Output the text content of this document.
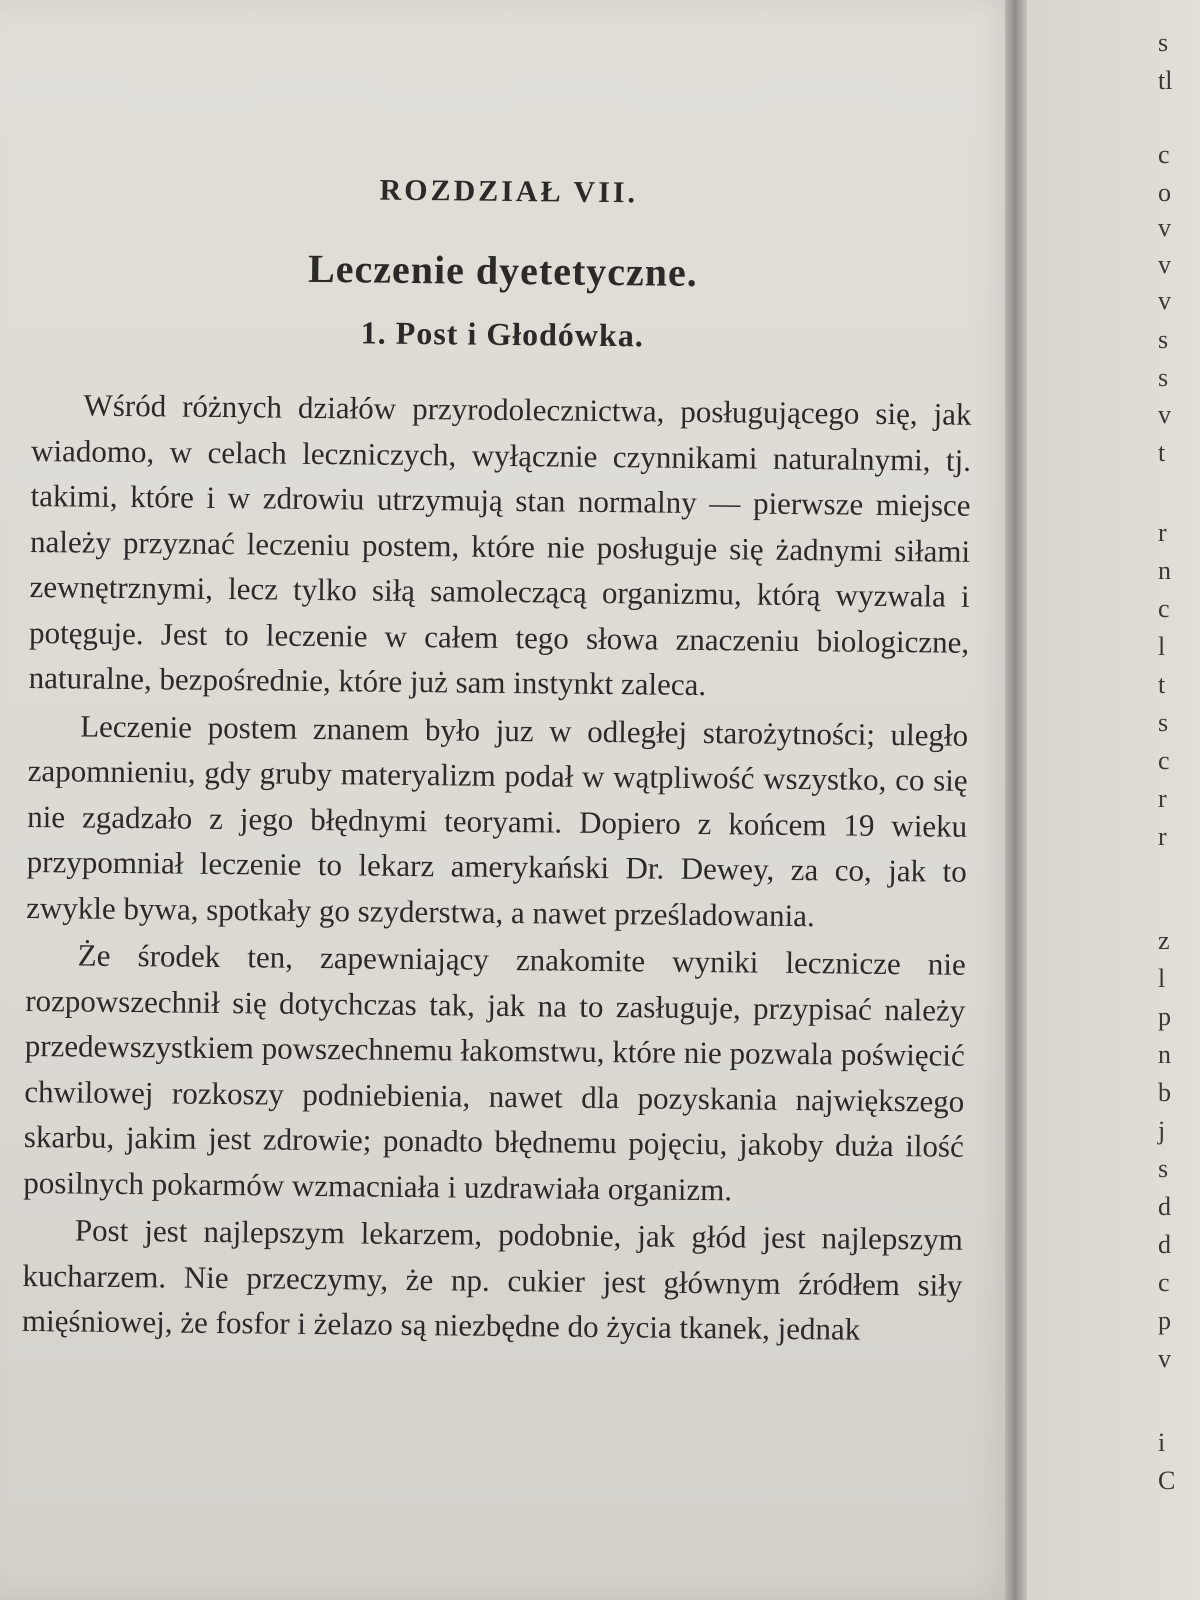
ROZDZIAŁ VII.
Leczenie dyetetyczne.
1. Post i Głodówka.

Wśród różnych działów przyrodolecznictwa, posługującego się, jak wiadomo, w celach leczniczych, wyłącznie czynnikami naturalnymi, tj. takimi, które i w zdrowiu utrzymują stan normalny — pierwsze miejsce należy przyznać leczeniu postem, które nie posługuje się żadnymi siłami zewnętrznymi, lecz tylko siłą samoleczącą organizmu, którą wyzwala i potęguje. Jest to leczenie w całem tego słowa znaczeniu biologiczne, naturalne, bezpośrednie, które już sam instynkt zaleca.

Leczenie postem znanem było juz w odległej starożytności; uległo zapomnieniu, gdy gruby materyalizm podał w wątpliwość wszystko, co się nie zgadzało z jego błędnymi teoryami. Dopiero z końcem 19 wieku przypomniał leczenie to lekarz amerykański Dr. Dewey, za co, jak to zwykle bywa, spotkały go szyderstwa, a nawet prześladowania.

Że środek ten, zapewniający znakomite wyniki lecznicze nie rozpowszechnił się dotychczas tak, jak na to zasługuje, przypisać należy przedewszystkiem powszechnemu łakomstwu, które nie pozwala poświęcić chwilowej rozkoszy podniebienia, nawet dla pozyskania największego skarbu, jakim jest zdrowie; ponadto błędnemu pojęciu, jakoby duża ilość posilnych pokarmów wzmacniała i uzdrawiała organizm.

Post jest najlepszym lekarzem, podobnie, jak głód jest najlepszym kucharzem. Nie przeczymy, że np. cukier jest głównym źródłem siły mięśniowej, że fosfor i żelazo są niezbędne do życia tkanek, jednak

s
tl
c
o
v
v
v
s
s
v
t
r
n
c
l
t
s
c
r
r
z
l
p
n
b
j
s
d
d
c
p
v
i
C
